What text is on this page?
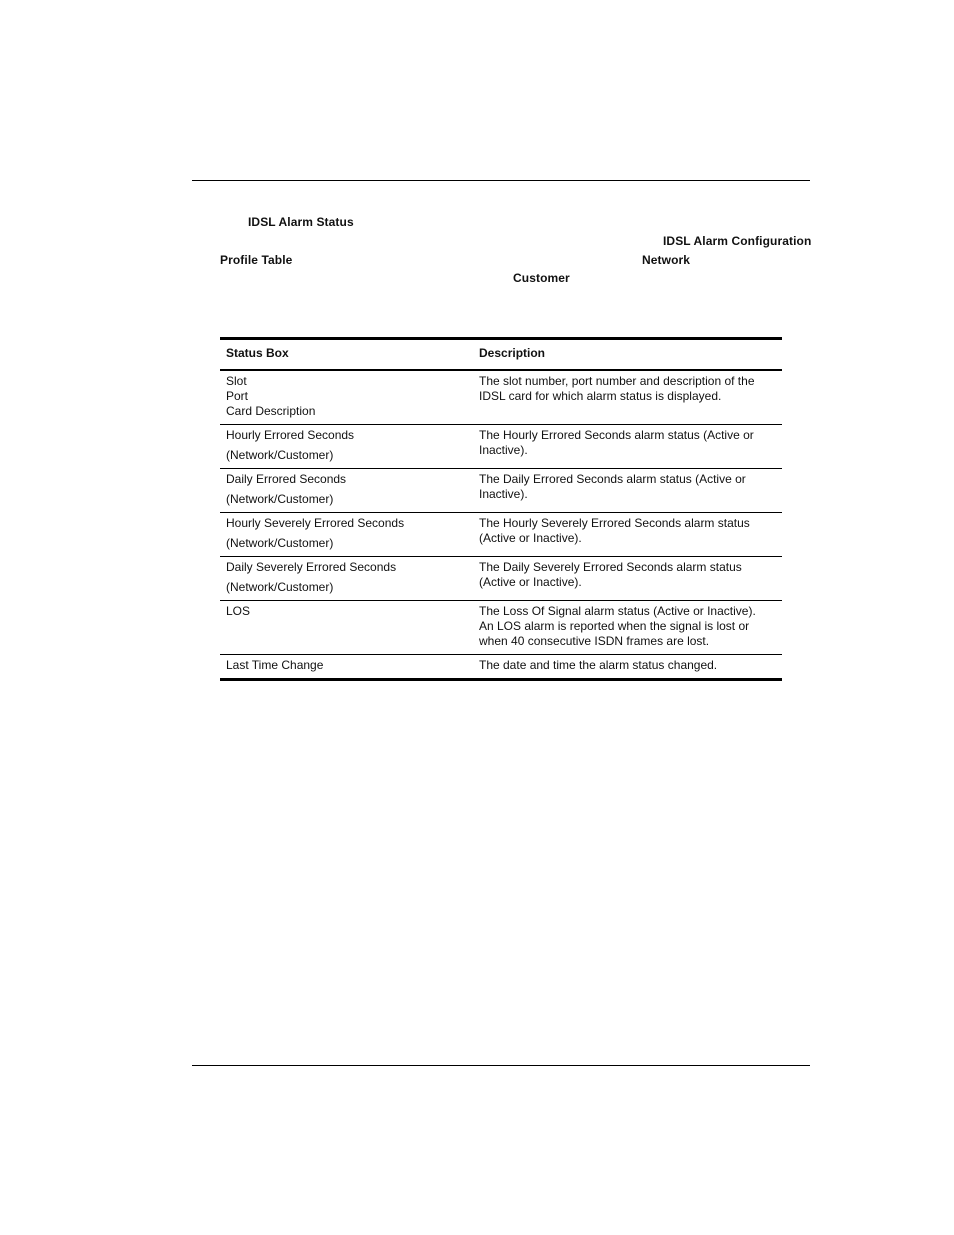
IDSL Alarm Status
IDSL Alarm Configuration
Profile Table	Network
Customer
Status Box	Description

Slot
Port
Card Description	The slot number, port number and description of the
IDSL card for which alarm status is displayed.

Hourly Errored Seconds
(Network/Customer)	The Hourly Errored Seconds alarm status (Active or
Inactive).

Daily Errored Seconds
(Network/Customer)	The Daily Errored Seconds alarm status (Active or
Inactive).

Hourly Severely Errored Seconds
(Network/Customer)	The Hourly Severely Errored Seconds alarm status
(Active or Inactive).

Daily Severely Errored Seconds
(Network/Customer)	The Daily Severely Errored Seconds alarm status
(Active or Inactive).

LOS	The Loss Of Signal alarm status (Active or Inactive).
An LOS alarm is reported when the signal is lost or
when 40 consecutive ISDN frames are lost.

Last Time Change	The date and time the alarm status changed.
